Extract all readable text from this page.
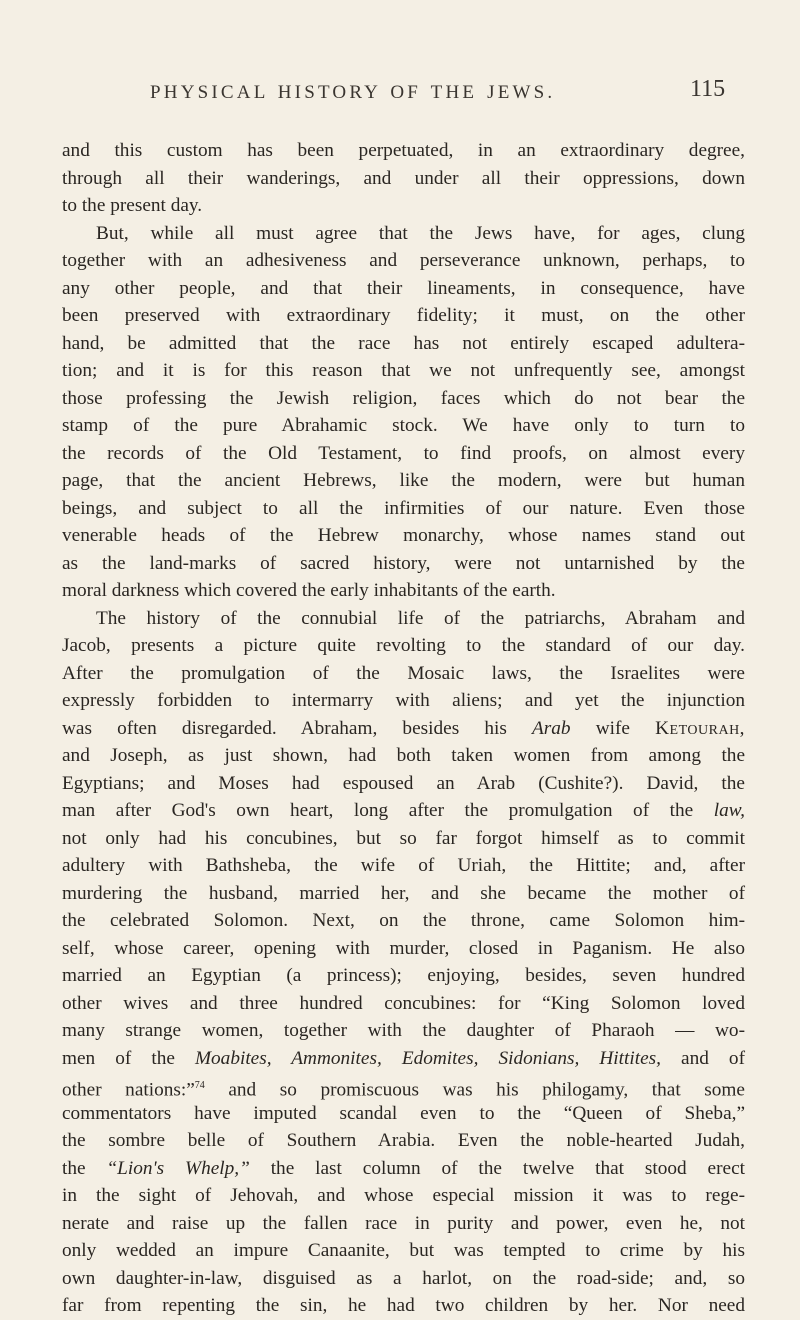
PHYSICAL HISTORY OF THE JEWS.	115
and this custom has been perpetuated, in an extraordinary degree,
through all their wanderings, and under all their oppressions, down
to the present day.
But, while all must agree that the Jews have, for ages, clung
together with an adhesiveness and perseverance unknown, perhaps, to
any other people, and that their lineaments, in consequence, have
been preserved with extraordinary fidelity; it must, on the other
hand, be admitted that the race has not entirely escaped adultera-
tion; and it is for this reason that we not unfrequently see, amongst
those professing the Jewish religion, faces which do not bear the
stamp of the pure Abrahamic stock. We have only to turn to
the records of the Old Testament, to find proofs, on almost every
page, that the ancient Hebrews, like the modern, were but human
beings, and subject to all the infirmities of our nature. Even those
venerable heads of the Hebrew monarchy, whose names stand out
as the land-marks of sacred history, were not untarnished by the
moral darkness which covered the early inhabitants of the earth.
The history of the connubial life of the patriarchs, Abraham and
Jacob, presents a picture quite revolting to the standard of our day.
After the promulgation of the Mosaic laws, the Israelites were
expressly forbidden to intermarry with aliens; and yet the injunction
was often disregarded. Abraham, besides his Arab wife Ketourah,
and Joseph, as just shown, had both taken women from among the
Egyptians; and Moses had espoused an Arab (Cushite?). David, the
man after God's own heart, long after the promulgation of the law,
not only had his concubines, but so far forgot himself as to commit
adultery with Bathsheba, the wife of Uriah, the Hittite; and, after
murdering the husband, married her, and she became the mother of
the celebrated Solomon. Next, on the throne, came Solomon him-
self, whose career, opening with murder, closed in Paganism. He also
married an Egyptian (a princess); enjoying, besides, seven hundred
other wives and three hundred concubines: for “King Solomon loved
many strange women, together with the daughter of Pharaoh — wo-
men of the Moabites, Ammonites, Edomites, Sidonians, Hittites, and of
other nations:”$^{74}$ and so promiscuous was his philogamy, that some
commentators have imputed scandal even to the “Queen of Sheba,”
the sombre belle of Southern Arabia. Even the noble-hearted Judah,
the “Lion's Whelp,” the last column of the twelve that stood erect
in the sight of Jehovah, and whose especial mission it was to rege-
nerate and raise up the fallen race in purity and power, even he, not
only wedded an impure Canaanite, but was tempted to crime by his
own daughter-in-law, disguised as a harlot, on the road-side; and, so
far from repenting the sin, he had two children by her. Nor need
